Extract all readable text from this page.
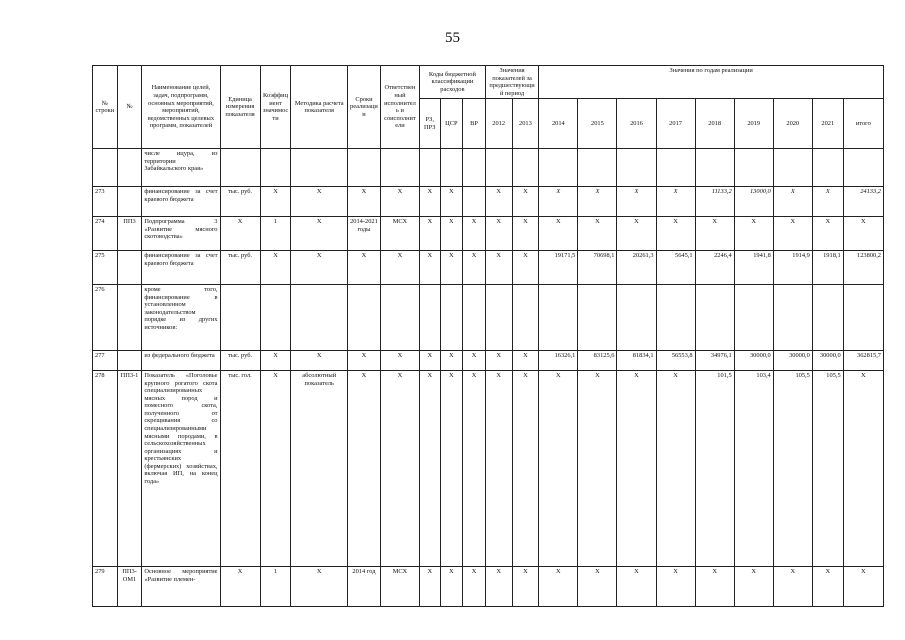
55
№ строки	№	Наименование целей, задач, подпрограмм, основных мероприятий, мероприятий, ведомственных целевых программ, показателей	Единица измерения показателя	Коэффициент значимости	Методика расчета показателя	Сроки реализации	Ответственный исполнитель и соисполнители	Коды бюджетной классификации расходов			Значения показателей за предшествующий период		Значения по годам реализации								
								РЗ, ПРЗ	ЦСР	ВР	2012	2013	2014	2015	2016	2017	2018	2019	2020	2021	итого
		числе ицура, из территории Забайкальского края»																			
273		финансирование за счет краевого бюджета	тыс. руб.	X	X	X	X	X	X		X	X	X	X	X	X	11133,2	13000,0	X	X	24133,2
274	ПП3	Подпрограмма 3 «Развитие мясного скотоводства»	X	1	X	2014-2021 годы	МСХ	X	X	X	X	X	X	X	X	X	X	X	X	X	X
275		финансирование за счет краевого бюджета	тыс. руб.	X	X	X	X	X	X	X	X	X	19171,5	70698,1	20261,3	5645,1	2246,4	1941,8	1914,9	1918,1	123800,2
276		кроме того, финансирование в установленном законодательством порядке из других источников:																			
277		из федерального бюджета	тыс. руб.	X	X	X	X	X	X	X	X	X	16326,1	83125,6	81834,1	56553,8	34976,1	30000,0	30000,0	30000,0	362815,7
278	ПП3-1	Показатель «Поголовье крупного рогатого скота специализированных мясных пород и помесного скота, полученного от скрещивания со специализированными мясными породами, в сельскохозяйственных организациях и крестьянских (фермерских) хозяйствах, включая ИП, на конец года»	тыс. гол.	X	абсолютный показатель	X	X	X	X	X	X	X	X	X	X	X	101,5	103,4	105,5	105,5	X
279	ПП3-ОМ1	Основное мероприятие «Развитие племен-	X	1	X	2014 год	МСХ	X	X	X	X	X	X	X	X	X	X	X	X	X	X
